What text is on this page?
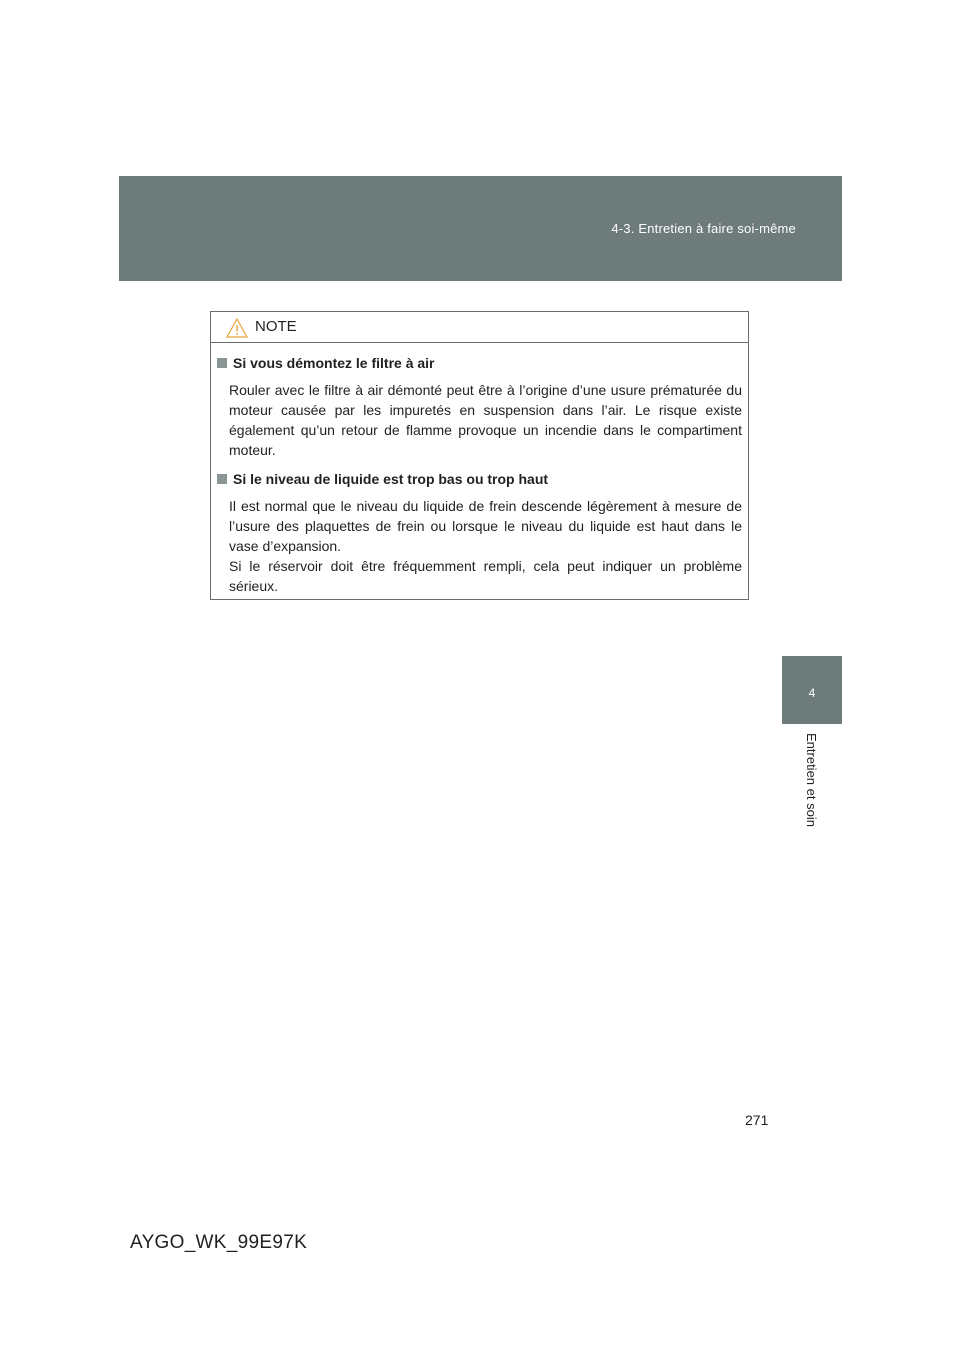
4-3. Entretien à faire soi-même
4
Entretien et soin
NOTE
Si vous démontez le filtre à air

Rouler avec le filtre à air démonté peut être à l’origine d’une usure prématurée du moteur causée par les impuretés en suspension dans l’air. Le risque existe également qu’un retour de flamme provoque un incendie dans le compartiment moteur.

Si le niveau de liquide est trop bas ou trop haut

Il est normal que le niveau du liquide de frein descende légèrement à mesure de l’usure des plaquettes de frein ou lorsque le niveau du liquide est haut dans le vase d’expansion.

Si le réservoir doit être fréquemment rempli, cela peut indiquer un problème sérieux.

271
AYGO_WK_99E97K
